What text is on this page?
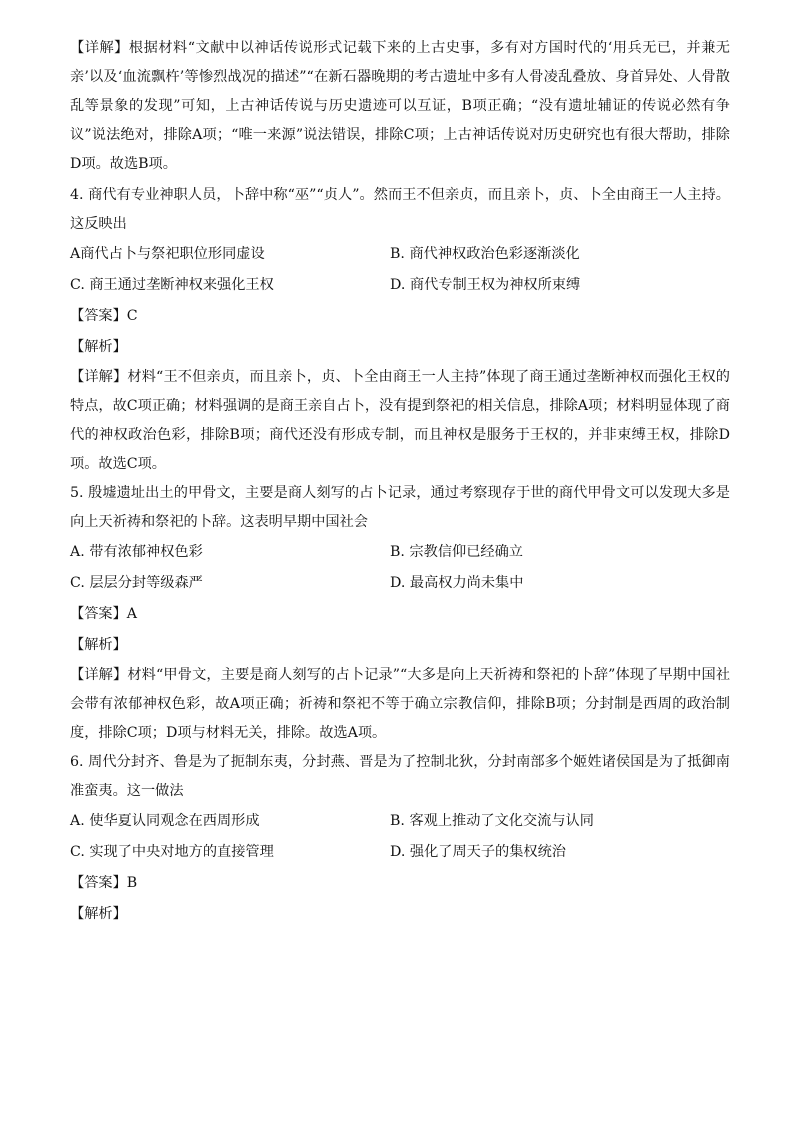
【详解】根据材料“文献中以神话传说形式记载下来的上古史事，多有对方国时代的‘用兵无已，并兼无亲’以及‘血流飘杵’等惨烈战况的描述”“在新石器晚期的考古遗址中多有人骨凌乱叠放、身首异处、人骨散乱等景象的发现”可知，上古神话传说与历史遗迹可以互证，B项正确；“没有遗址辅证的传说必然有争议”说法绝对，排除A项；“唯一来源”说法错误，排除C项；上古神话传说对历史研究也有很大帮助，排除D项。故选B项。

4. 商代有专业神职人员，卜辞中称“巫”“贞人”。然而王不但亲贞，而且亲卜，贞、卜全由商王一人主持。这反映出

A商代占卜与祭祀职位形同虚设	B. 商代神权政治色彩逐渐淡化
C. 商王通过垄断神权来强化王权	D. 商代专制王权为神权所束缚

【答案】C

【解析】

【详解】材料“王不但亲贞，而且亲卜，贞、卜全由商王一人主持”体现了商王通过垄断神权而强化王权的特点，故C项正确；材料强调的是商王亲自占卜，没有提到祭祀的相关信息，排除A项；材料明显体现了商代的神权政治色彩，排除B项；商代还没有形成专制，而且神权是服务于王权的，并非束缚王权，排除D项。故选C项。

5. 殷墟遗址出土的甲骨文，主要是商人刻写的占卜记录，通过考察现存于世的商代甲骨文可以发现大多是向上天祈祷和祭祀的卜辞。这表明早期中国社会

A. 带有浓郁神权色彩	B. 宗教信仰已经确立
C. 层层分封等级森严	D. 最高权力尚未集中

【答案】A

【解析】

【详解】材料“甲骨文，主要是商人刻写的占卜记录”“大多是向上天祈祷和祭祀的卜辞”体现了早期中国社会带有浓郁神权色彩，故A项正确；祈祷和祭祀不等于确立宗教信仰，排除B项；分封制是西周的政治制度，排除C项；D项与材料无关，排除。故选A项。

6. 周代分封齐、鲁是为了扼制东夷，分封燕、晋是为了控制北狄，分封南部多个姬姓诸侯国是为了抵御南准蛮夷。这一做法

A. 使华夏认同观念在西周形成	B. 客观上推动了文化交流与认同
C. 实现了中央对地方的直接管理	D. 强化了周天子的集权统治

【答案】B

【解析】
